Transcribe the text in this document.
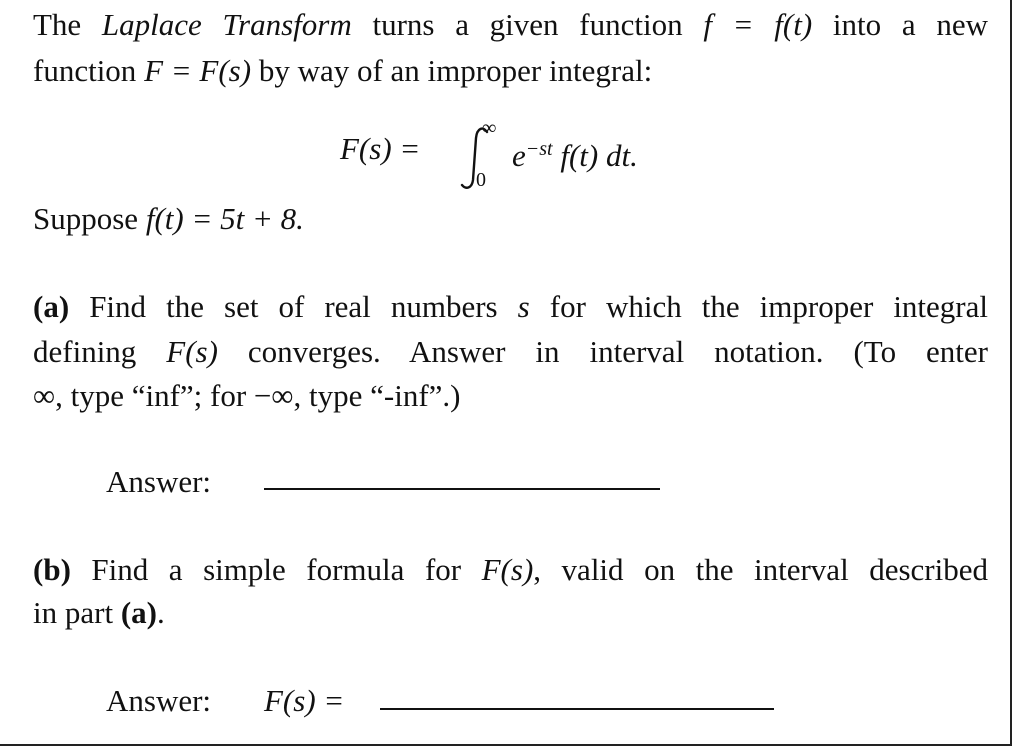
The Laplace Transform turns a given function f = f(t) into a new
function F = F(s) by way of an improper integral:
F(s) =
∞
0
$e^{-st}$ f(t) dt.
Suppose f(t) = 5t + 8.
(a) Find the set of real numbers s for which the improper integral
defining F(s) converges. Answer in interval notation. (To enter
∞, type “inf”; for −∞, type “-inf”.)
Answer:
(b) Find a simple formula for F(s), valid on the interval described
in part (a).
Answer: F(s) =
